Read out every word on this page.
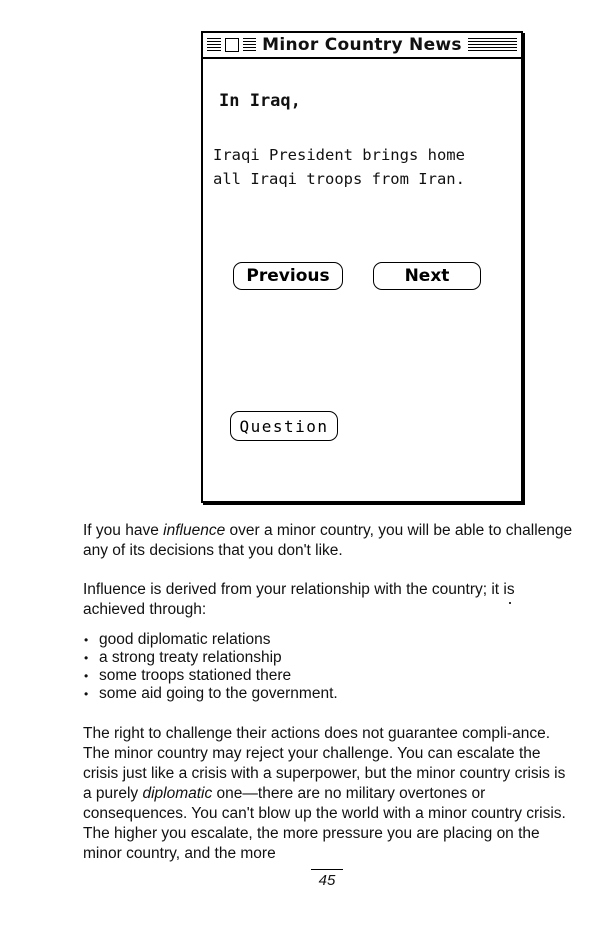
Minor Country News
In Iraq,
Iraqi President brings home
all Iraqi troops from Iran.
Previous	Next
Question

If you have influence over a minor country, you will be able to challenge any of its decisions that you don't like.

Influence is derived from your relationship with the country; it is achieved through:

• good diplomatic relations
• a strong treaty relationship
• some troops stationed there
• some aid going to the government.

The right to challenge their actions does not guarantee compli-ance. The minor country may reject your challenge. You can escalate the crisis just like a crisis with a superpower, but the minor country crisis is a purely diplomatic one—there are no military overtones or consequences. You can't blow up the world with a minor country crisis. The higher you escalate, the more pressure you are placing on the minor country, and the more

45
